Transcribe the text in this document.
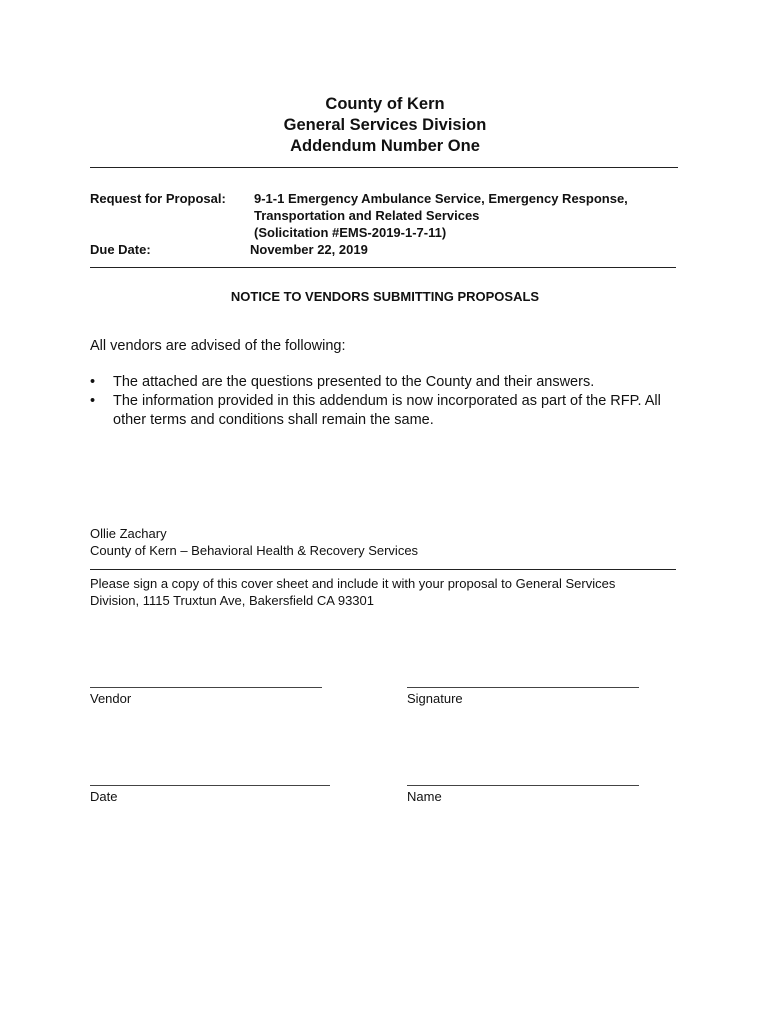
County of Kern
General Services Division
Addendum Number One
Request for Proposal: 9-1-1 Emergency Ambulance Service, Emergency Response,
Transportation and Related Services
(Solicitation #EMS-2019-1-7-11)
Due Date:	November 22, 2019
NOTICE TO VENDORS SUBMITTING PROPOSALS
All vendors are advised of the following:
• The attached are the questions presented to the County and their answers.
• The information provided in this addendum is now incorporated as part of the RFP. All
other terms and conditions shall remain the same.
Ollie Zachary
County of Kern – Behavioral Health & Recovery Services
Please sign a copy of this cover sheet and include it with your proposal to General Services
Division, 1115 Truxtun Ave, Bakersfield CA 93301
Vendor	Signature
Date	Name
